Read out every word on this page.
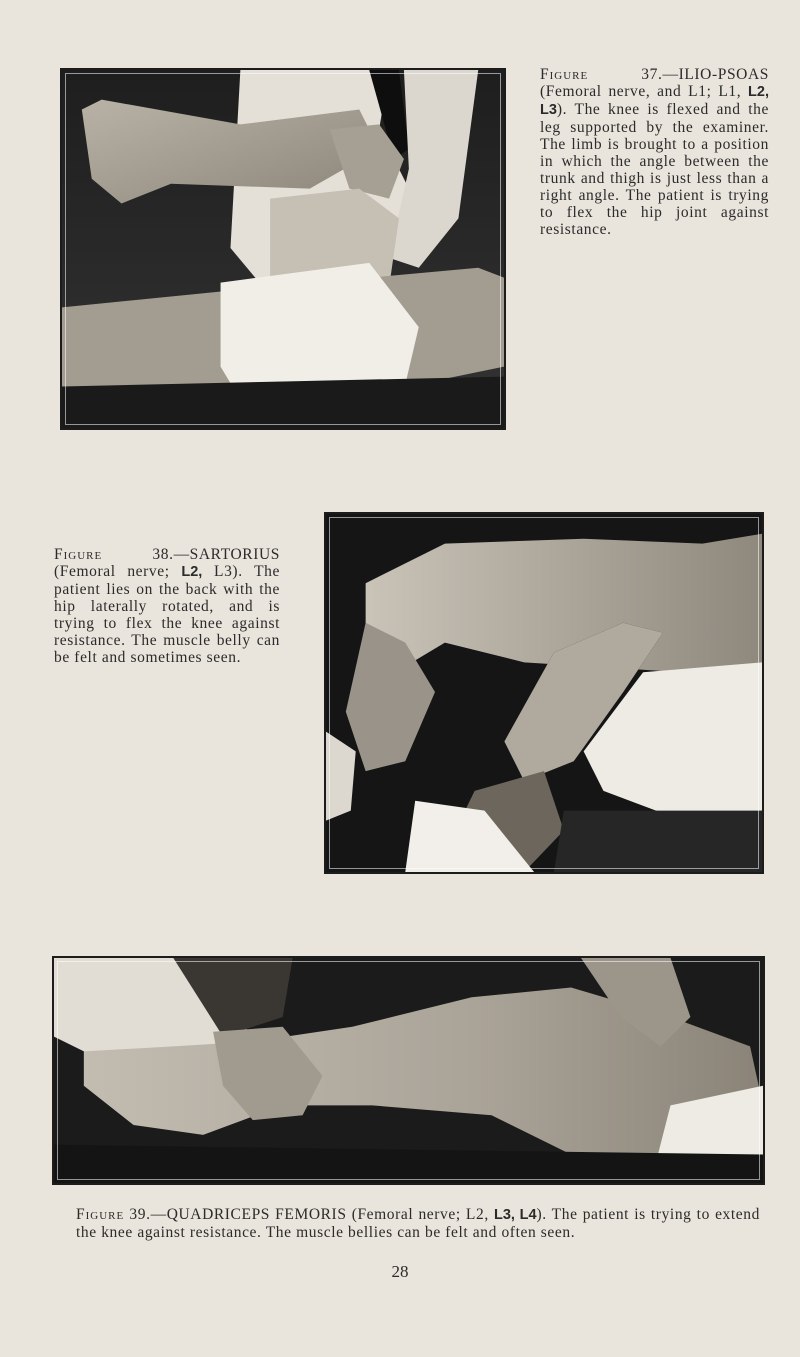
Figure	37.—ILIO-PSOAS (Femoral nerve, and L1; L1, L2, L3). The knee is flexed and the leg supported by the examiner. The limb is brought to a position in which the angle between the trunk and thigh is just less than a right angle. The patient is trying to flex the hip joint against resistance.
Figure	38.—SARTORIUS (Femoral nerve; L2, L3). The patient lies on the back with the hip laterally rotated, and is trying to flex the knee against resistance. The muscle belly can be felt and sometimes seen.
Figure 39.—QUADRICEPS FEMORIS (Femoral nerve; L2, L3, L4). The patient is trying to extend the knee against resistance. The muscle bellies can be felt and often seen.
28
